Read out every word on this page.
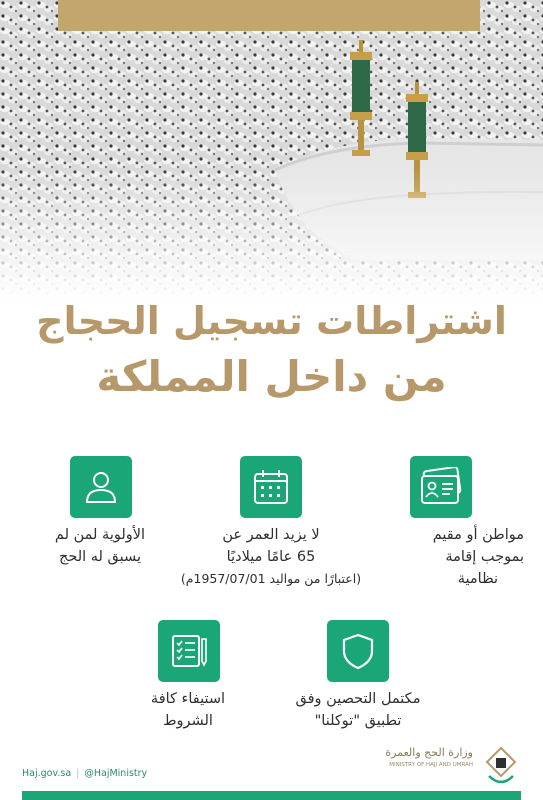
اشتراطات تسجيل الحجاج
من داخل المملكة
مواطن أو مقيم
بموجب إقامة
نظامية
لا يزيد العمر عن
65 عامًا ميلاديًا
(اعتبارًا من مواليد 1957/07/01م)
الأولوية لمن لم
يسبق له الحج
مكتمل التحصين وفق
تطبيق "توكلنا"
استيفاء كافة
الشروط
Haj.gov.sa | @HajMinistry
وزارة الحج والعمرة
MINISTRY OF HAJJ AND UMRAH
